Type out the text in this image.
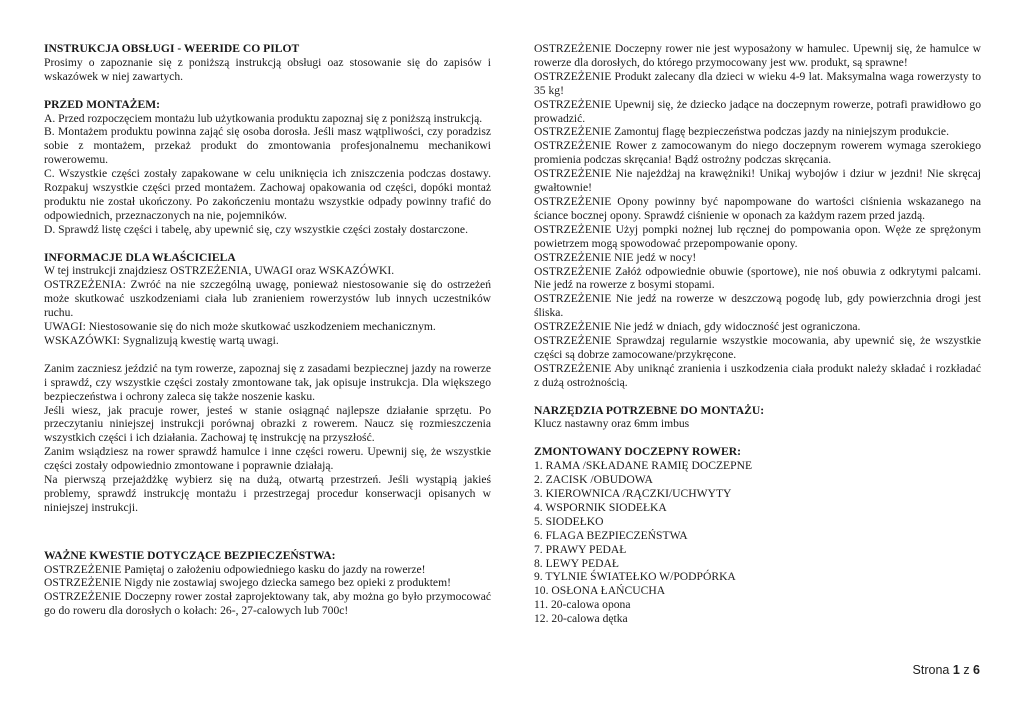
INSTRUKCJA OBSŁUGI - WEERIDE CO PILOT

Prosimy o zapoznanie się z poniższą instrukcją obsługi oaz stosowanie się do zapisów i wskazówek w niej zawartych.

PRZED MONTAŻEM:

A. Przed rozpoczęciem montażu lub użytkowania produktu zapoznaj się z poniższą instrukcją.

B. Montażem produktu powinna zająć się osoba dorosła. Jeśli masz wątpliwości, czy poradzisz sobie z montażem, przekaż produkt do zmontowania profesjonalnemu mechanikowi rowerowemu.

C. Wszystkie części zostały zapakowane w celu uniknięcia ich zniszczenia podczas dostawy. Rozpakuj wszystkie części przed montażem. Zachowaj opakowania od części, dopóki montaż produktu nie został ukończony. Po zakończeniu montażu wszystkie odpady powinny trafić do odpowiednich, przeznaczonych na nie, pojemników.

D. Sprawdź listę części i tabelę, aby upewnić się, czy wszystkie części zostały dostarczone.

INFORMACJE DLA WŁAŚCICIELA

W tej instrukcji znajdziesz OSTRZEŻENIA, UWAGI oraz WSKAZÓWKI.

OSTRZEŻENIA: Zwróć na nie szczególną uwagę, ponieważ niestosowanie się do ostrzeżeń może skutkować uszkodzeniami ciała lub zranieniem rowerzystów lub innych uczestników ruchu.

UWAGI: Niestosowanie się do nich może skutkować uszkodzeniem mechanicznym.

WSKAZÓWKI: Sygnalizują kwestię wartą uwagi.

Zanim zaczniesz jeździć na tym rowerze, zapoznaj się z zasadami bezpiecznej jazdy na rowerze i sprawdź, czy wszystkie części zostały zmontowane tak, jak opisuje instrukcja. Dla większego bezpieczeństwa i ochrony zaleca się także noszenie kasku.

Jeśli wiesz, jak pracuje rower, jesteś w stanie osiągnąć najlepsze działanie sprzętu. Po przeczytaniu niniejszej instrukcji porównaj obrazki z rowerem. Naucz się rozmieszczenia wszystkich części i ich działania. Zachowaj tę instrukcję na przyszłość.

Zanim wsiądziesz na rower sprawdź hamulce i inne części roweru. Upewnij się, że wszystkie części zostały odpowiednio zmontowane i poprawnie działają.

Na pierwszą przejażdżkę wybierz się na dużą, otwartą przestrzeń. Jeśli wystąpią jakieś problemy, sprawdź instrukcję montażu i przestrzegaj procedur konserwacji opisanych w niniejszej instrukcji.

WAŻNE KWESTIE DOTYCZĄCE BEZPIECZEŃSTWA:

OSTRZEŻENIE Pamiętaj o założeniu odpowiedniego kasku do jazdy na rowerze!

OSTRZEŻENIE Nigdy nie zostawiaj swojego dziecka samego bez opieki z produktem!

OSTRZEŻENIE Doczepny rower został zaprojektowany tak, aby można go było przymocować go do roweru dla dorosłych o kołach: 26-, 27-calowych lub 700c!

OSTRZEŻENIE Doczepny rower nie jest wyposażony w hamulec. Upewnij się, że hamulce w rowerze dla dorosłych, do którego przymocowany jest ww. produkt, są sprawne!

OSTRZEŻENIE Produkt zalecany dla dzieci w wieku 4-9 lat. Maksymalna waga rowerzysty to 35 kg!

OSTRZEŻENIE Upewnij się, że dziecko jadące na doczepnym rowerze, potrafi prawidłowo go prowadzić.

OSTRZEŻENIE Zamontuj flagę bezpieczeństwa podczas jazdy na niniejszym produkcie.

OSTRZEŻENIE Rower z zamocowanym do niego doczepnym rowerem wymaga szerokiego promienia podczas skręcania! Bądź ostrożny podczas skręcania.

OSTRZEŻENIE Nie najeżdżaj na krawężniki! Unikaj wybojów i dziur w jezdni! Nie skręcaj gwałtownie!

OSTRZEŻENIE Opony powinny być napompowane do wartości ciśnienia wskazanego na ściance bocznej opony. Sprawdź ciśnienie w oponach za każdym razem przed jazdą.

OSTRZEŻENIE Użyj pompki nożnej lub ręcznej do pompowania opon. Węże ze sprężonym powietrzem mogą spowodować przepompowanie opony.

OSTRZEŻENIE NIE jedź w nocy!

OSTRZEŻENIE Załóż odpowiednie obuwie (sportowe), nie noś obuwia z odkrytymi palcami. Nie jedź na rowerze z bosymi stopami.

OSTRZEŻENIE Nie jedź na rowerze w deszczową pogodę lub, gdy powierzchnia drogi jest śliska.

OSTRZEŻENIE Nie jedź w dniach, gdy widoczność jest ograniczona.

OSTRZEŻENIE Sprawdzaj regularnie wszystkie mocowania, aby upewnić się, że wszystkie części są dobrze zamocowane/przykręcone.

OSTRZEŻENIE Aby uniknąć zranienia i uszkodzenia ciała produkt należy składać i rozkładać z dużą ostrożnością.

NARZĘDZIA POTRZEBNE DO MONTAŻU:

Klucz nastawny oraz 6mm imbus

ZMONTOWANY DOCZEPNY ROWER:

1. RAMA /SKŁADANE RAMIĘ DOCZEPNE
2. ZACISK /OBUDOWA
3. KIEROWNICA /RĄCZKI/UCHWYTY
4. WSPORNIK SIODEŁKA
5. SIODEŁKO
6. FLAGA BEZPIECZEŃSTWA
7. PRAWY PEDAŁ
8. LEWY PEDAŁ
9. TYLNIE ŚWIATEŁKO W/PODPÓRKA
10. OSŁONA ŁAŃCUCHA
11. 20-calowa opona
12. 20-calowa dętka
Strona 1 z 6
